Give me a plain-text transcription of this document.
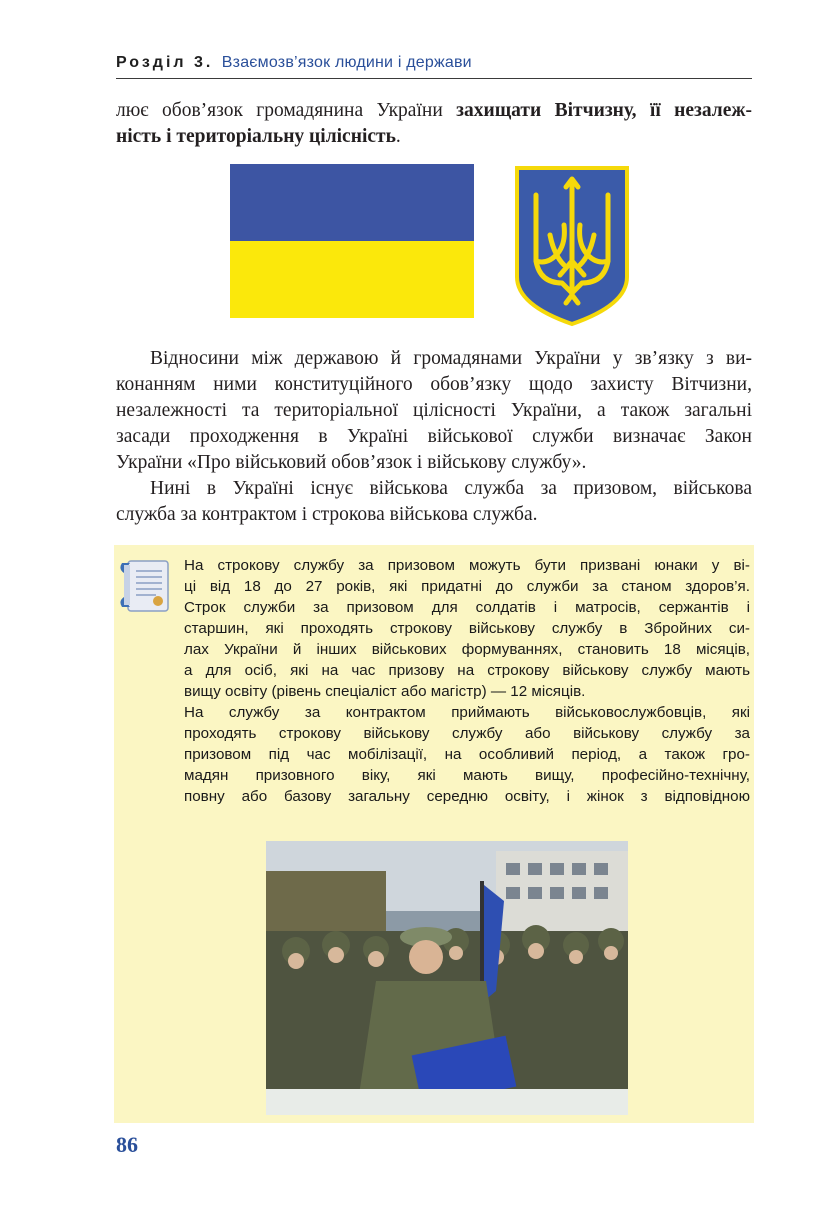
Розділ 3. Взаємозв’язок людини і держави

лює обов’язок громадянина України захищати Вітчизну, її незалеж-
ність і територіальну цілісність.

Відносини між державою й громадянами України у зв’язку з ви-

конанням ними конституційного обов’язку щодо захисту Вітчизни,
незалежності та територіальної цілісності України, а також загальні
засади проходження в Україні військової служби визначає Закон
України «Про військовий обов’язок і військову службу».

Нині в Україні існує військова служба за призовом, військова

служба за контрактом і строкова військова служба.

На строкову службу за призовом можуть бути призвані юнаки у ві-
ці від 18 до 27 років, які придатні до служби за станом здоров’я.
Строк служби за призовом для солдатів і матросів, сержантів і
старшин, які проходять строкову військову службу в Збройних си-
лах України й інших військових формуваннях, становить 18 місяців,
а для осіб, які на час призову на строкову військову службу мають
вищу освіту (рівень спеціаліст або магістр) — 12 місяців.
На службу за контрактом приймають військовослужбовців, які
проходять строкову військову службу або військову службу за
призовом під час мобілізації, на особливий період, а також гро-
мадян призовного віку, які мають вищу, професійно-технічну,
повну або базову загальну середню освіту, і жінок з відповідною

86
